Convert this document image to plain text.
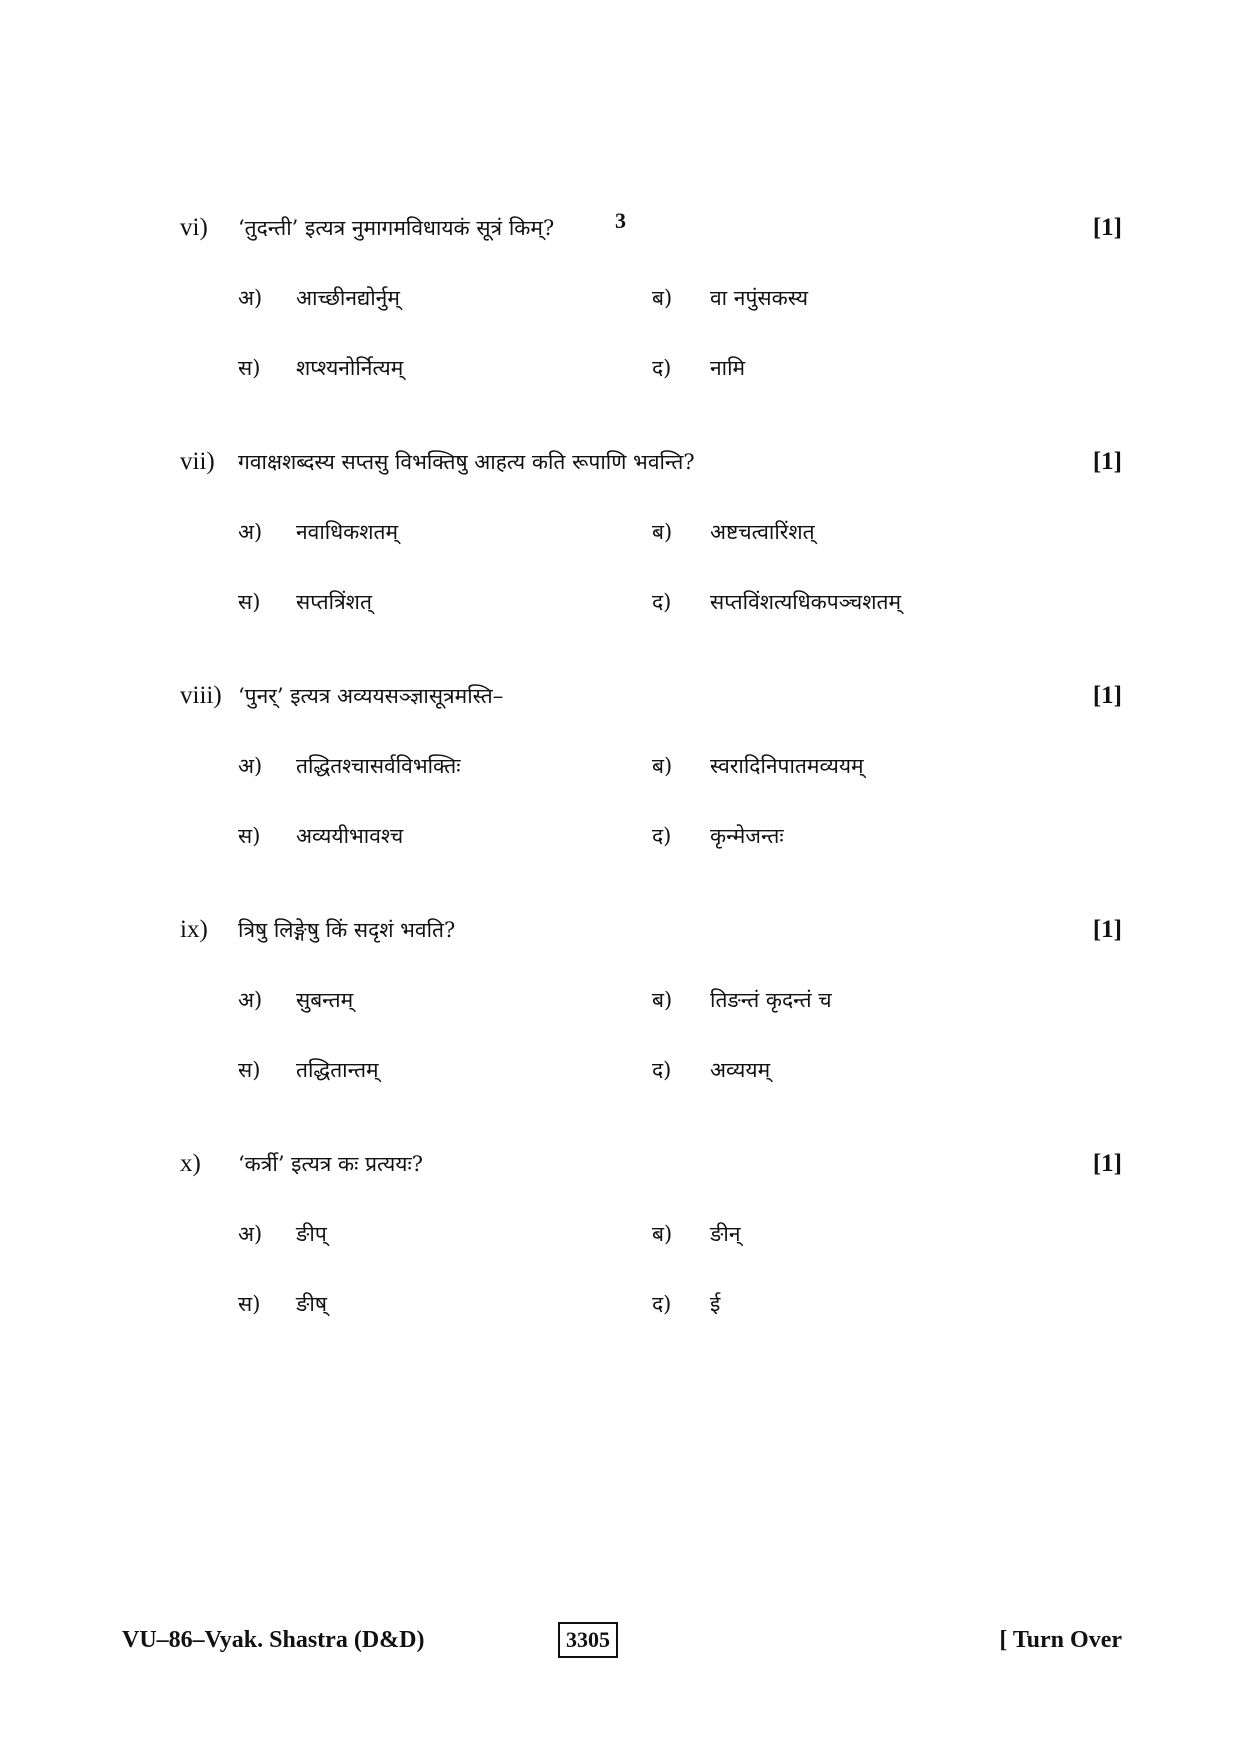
3
vi) ‘तुदन्ती’ इत्यत्र नुमागमविधायकं सूत्रं किम्?	[1]
अ) आच्छीनद्योर्नुम्	ब) वा नपुंसकस्य
स) शप्श्यनोर्नित्यम्	द) नामि
vii) गवाक्षशब्दस्य सप्तसु विभक्तिषु आहत्य कति रूपाणि भवन्ति?	[1]
अ) नवाधिकशतम्	ब) अष्टचत्वारिंशत्
स) सप्तत्रिंशत्	द) सप्तविंशत्यधिकपञ्चशतम्
viii) ‘पुनर्’ इत्यत्र अव्ययसञ्ज्ञासूत्रमस्ति–	[1]
अ) तद्धितश्चासर्वविभक्तिः	ब) स्वरादिनिपातमव्ययम्
स) अव्ययीभावश्च	द) कृन्मेजन्तः
ix) त्रिषु लिङ्गेषु किं सदृशं भवति?	[1]
अ) सुबन्तम्	ब) तिङन्तं कृदन्तं च
स) तद्धितान्तम्	द) अव्ययम्
x) ‘कर्त्री’ इत्यत्र कः प्रत्ययः?	[1]
अ) ङीप्	ब) ङीन्
स) ङीष्	द) ई
VU–86–Vyak. Shastra (D&D)	3305	[ Turn Over
